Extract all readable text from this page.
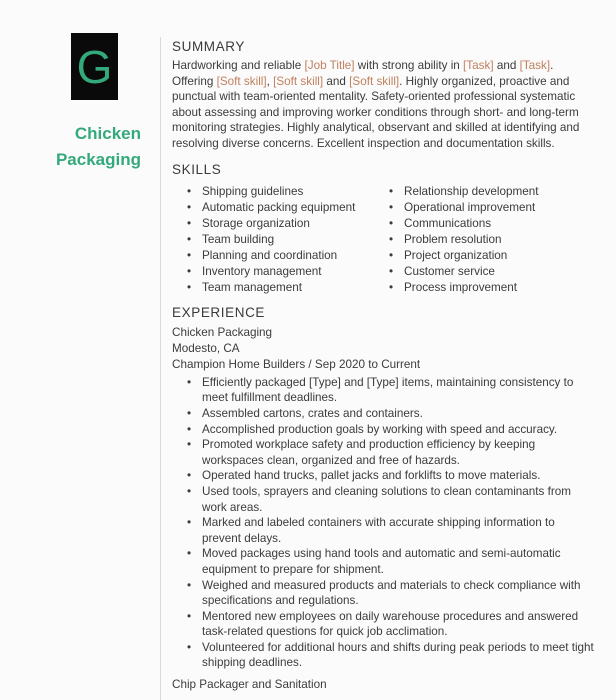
G
Chicken
Packaging
SUMMARY

Hardworking and reliable [Job Title] with strong ability in [Task] and [Task]. Offering [Soft skill], [Soft skill] and [Soft skill]. Highly organized, proactive and punctual with team-oriented mentality. Safety-oriented professional systematic about assessing and improving worker conditions through short- and long-term monitoring strategies. Highly analytical, observant and skilled at identifying and resolving diverse concerns. Excellent inspection and documentation skills.

SKILLS
• Shipping guidelines
• Automatic packing equipment
• Storage organization
• Team building
• Planning and coordination
• Inventory management
• Team management
• Relationship development
• Operational improvement
• Communications
• Problem resolution
• Project organization
• Customer service
• Process improvement
EXPERIENCE
Chicken Packaging
Modesto, CA
Champion Home Builders / Sep 2020 to Current
• Efficiently packaged [Type] and [Type] items, maintaining consistency to meet fulfillment deadlines.
• Assembled cartons, crates and containers.
• Accomplished production goals by working with speed and accuracy.
• Promoted workplace safety and production efficiency by keeping workspaces clean, organized and free of hazards.
• Operated hand trucks, pallet jacks and forklifts to move materials.
• Used tools, sprayers and cleaning solutions to clean contaminants from work areas.
• Marked and labeled containers with accurate shipping information to prevent delays.
• Moved packages using hand tools and automatic and semi-automatic equipment to prepare for shipment.
• Weighed and measured products and materials to check compliance with specifications and regulations.
• Mentored new employees on daily warehouse procedures and answered task-related questions for quick job acclimation.
• Volunteered for additional hours and shifts during peak periods to meet tight shipping deadlines.
Chip Packager and Sanitation
